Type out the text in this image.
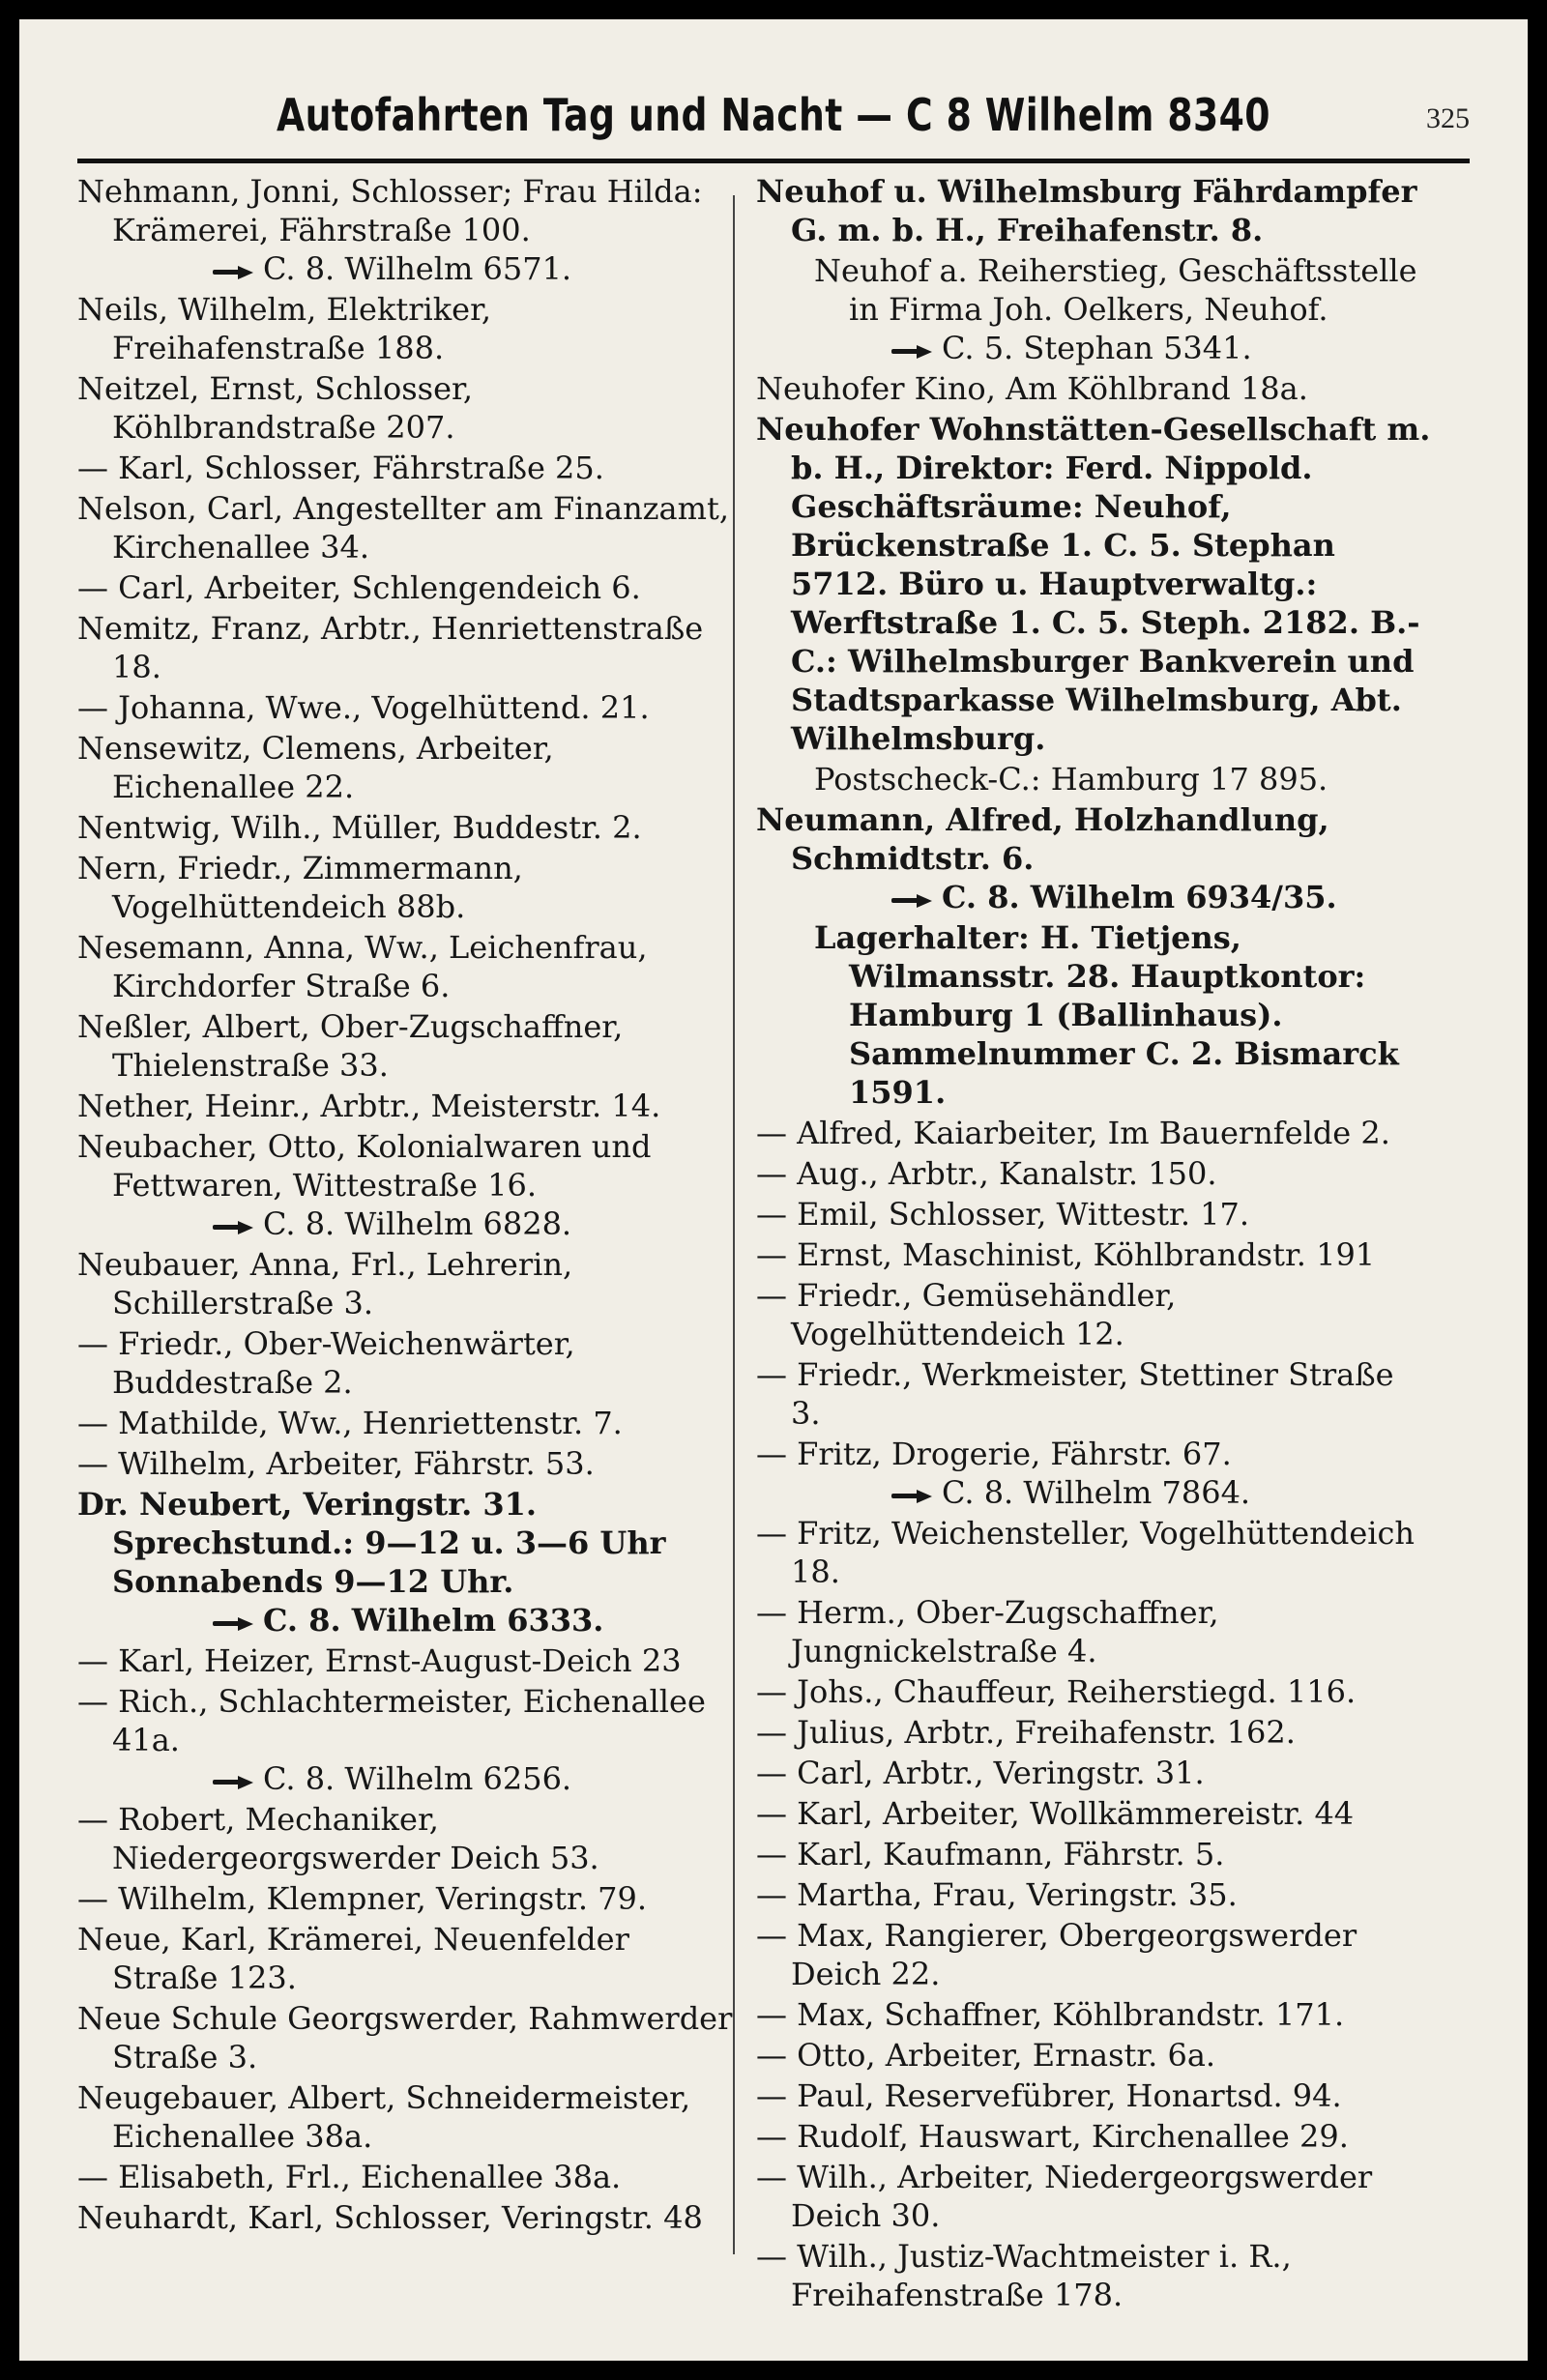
Autofahrten Tag und Nacht — C 8 Wilhelm 8340	325
Nehmann, Jonni, Schlosser; Frau Hilda: Krämerei, Fährstraße 100.
C. 8. Wilhelm 6571.
Neils, Wilhelm, Elektriker, Freihafenstraße 188.
Neitzel, Ernst, Schlosser, Köhlbrandstraße 207.
— Karl, Schlosser, Fährstraße 25.
Nelson, Carl, Angestellter am Finanzamt, Kirchenallee 34.
— Carl, Arbeiter, Schlengendeich 6.
Nemitz, Franz, Arbtr., Henriettenstraße 18.
— Johanna, Wwe., Vogelhüttend. 21.
Nensewitz, Clemens, Arbeiter, Eichenallee 22.
Nentwig, Wilh., Müller, Buddestr. 2.
Nern, Friedr., Zimmermann, Vogelhüttendeich 88b.
Nesemann, Anna, Ww., Leichenfrau, Kirchdorfer Straße 6.
Neßler, Albert, Ober-Zugschaffner, Thielenstraße 33.
Nether, Heinr., Arbtr., Meisterstr. 14.
Neubacher, Otto, Kolonialwaren und Fettwaren, Wittestraße 16.
C. 8. Wilhelm 6828.
Neubauer, Anna, Frl., Lehrerin, Schillerstraße 3.
— Friedr., Ober-Weichenwärter, Buddestraße 2.
— Mathilde, Ww., Henriettenstr. 7.
— Wilhelm, Arbeiter, Fährstr. 53.
Dr. Neubert, Veringstr. 31. Sprechstund.: 9—12 u. 3—6 Uhr Sonnabends 9—12 Uhr.
C. 8. Wilhelm 6333.
— Karl, Heizer, Ernst-August-Deich 23
— Rich., Schlachtermeister, Eichenallee 41a.
C. 8. Wilhelm 6256.
— Robert, Mechaniker, Niedergeorgswerder Deich 53.
— Wilhelm, Klempner, Veringstr. 79.
Neue, Karl, Krämerei, Neuenfelder Straße 123.
Neue Schule Georgswerder, Rahmwerder Straße 3.
Neugebauer, Albert, Schneidermeister, Eichenallee 38a.
— Elisabeth, Frl., Eichenallee 38a.
Neuhardt, Karl, Schlosser, Veringstr. 48
Neuhof u. Wilhelmsburg Fährdampfer G. m. b. H., Freihafenstr. 8.
Neuhof a. Reiherstieg, Geschäftsstelle in Firma Joh. Oelkers, Neuhof.
C. 5. Stephan 5341.
Neuhofer Kino, Am Köhlbrand 18a.
Neuhofer Wohnstätten-Gesellschaft m. b. H., Direktor: Ferd. Nippold. Geschäftsräume: Neuhof, Brückenstraße 1. C. 5. Stephan 5712. Büro u. Hauptverwaltg.: Werftstraße 1. C. 5. Steph. 2182. B.-C.: Wilhelmsburger Bankverein und Stadtsparkasse Wilhelmsburg, Abt. Wilhelmsburg.
Postscheck-C.: Hamburg 17 895.
Neumann, Alfred, Holzhandlung, Schmidtstr. 6.
C. 8. Wilhelm 6934/35.
Lagerhalter: H. Tietjens, Wilmansstr. 28. Hauptkontor: Hamburg 1 (Ballinhaus). Sammelnummer C. 2. Bismarck 1591.
— Alfred, Kaiarbeiter, Im Bauernfelde 2.
— Aug., Arbtr., Kanalstr. 150.
— Emil, Schlosser, Wittestr. 17.
— Ernst, Maschinist, Köhlbrandstr. 191
— Friedr., Gemüsehändler, Vogelhüttendeich 12.
— Friedr., Werkmeister, Stettiner Straße 3.
— Fritz, Drogerie, Fährstr. 67.
C. 8. Wilhelm 7864.
— Fritz, Weichensteller, Vogelhüttendeich 18.
— Herm., Ober-Zugschaffner, Jungnickelstraße 4.
— Johs., Chauffeur, Reiherstiegd. 116.
— Julius, Arbtr., Freihafenstr. 162.
— Carl, Arbtr., Veringstr. 31.
— Karl, Arbeiter, Wollkämmereistr. 44
— Karl, Kaufmann, Fährstr. 5.
— Martha, Frau, Veringstr. 35.
— Max, Rangierer, Obergeorgswerder Deich 22.
— Max, Schaffner, Köhlbrandstr. 171.
— Otto, Arbeiter, Ernastr. 6a.
— Paul, Reservefübrer, Honartsd. 94.
— Rudolf, Hauswart, Kirchenallee 29.
— Wilh., Arbeiter, Niedergeorgswerder Deich 30.
— Wilh., Justiz-Wachtmeister i. R., Freihafenstraße 178.
